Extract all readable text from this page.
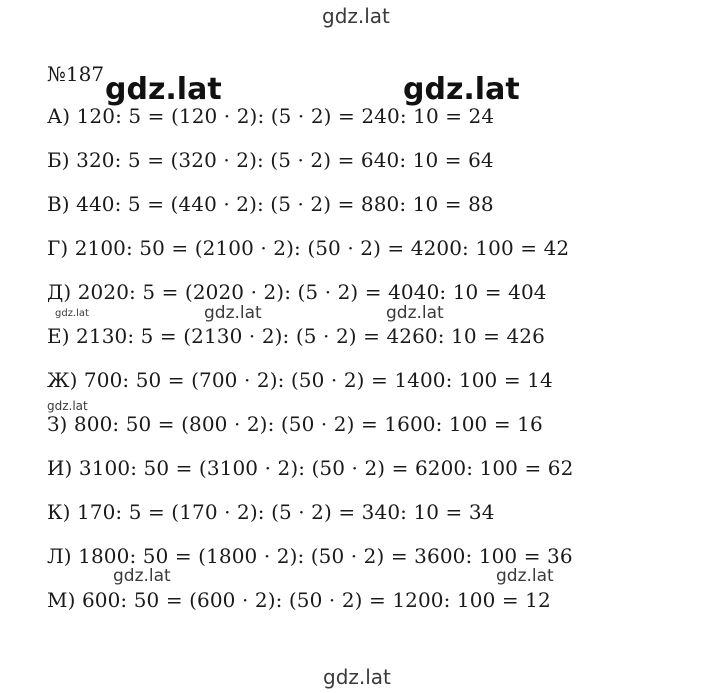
gdz.lat
№187
А) 120: 5 = (120 · 2): (5 · 2) = 240: 10 = 24
Б) 320: 5 = (320 · 2): (5 · 2) = 640: 10 = 64
В) 440: 5 = (440 · 2): (5 · 2) = 880: 10 = 88
Г) 2100: 50 = (2100 · 2): (50 · 2) = 4200: 100 = 42
Д) 2020: 5 = (2020 · 2): (5 · 2) = 4040: 10 = 404
Е) 2130: 5 = (2130 · 2): (5 · 2) = 4260: 10 = 426
Ж) 700: 50 = (700 · 2): (50 · 2) = 1400: 100 = 14
З) 800: 50 = (800 · 2): (50 · 2) = 1600: 100 = 16
И) 3100: 50 = (3100 · 2): (50 · 2) = 6200: 100 = 62
К) 170: 5 = (170 · 2): (5 · 2) = 340: 10 = 34
Л) 1800: 50 = (1800 · 2): (50 · 2) = 3600: 100 = 36
М) 600: 50 = (600 · 2): (50 · 2) = 1200: 100 = 12
gdz.lat	gdz.lat
gdz.lat	gdz.lat	gdz.lat
gdz.lat
gdz.lat	gdz.lat
gdz.lat
